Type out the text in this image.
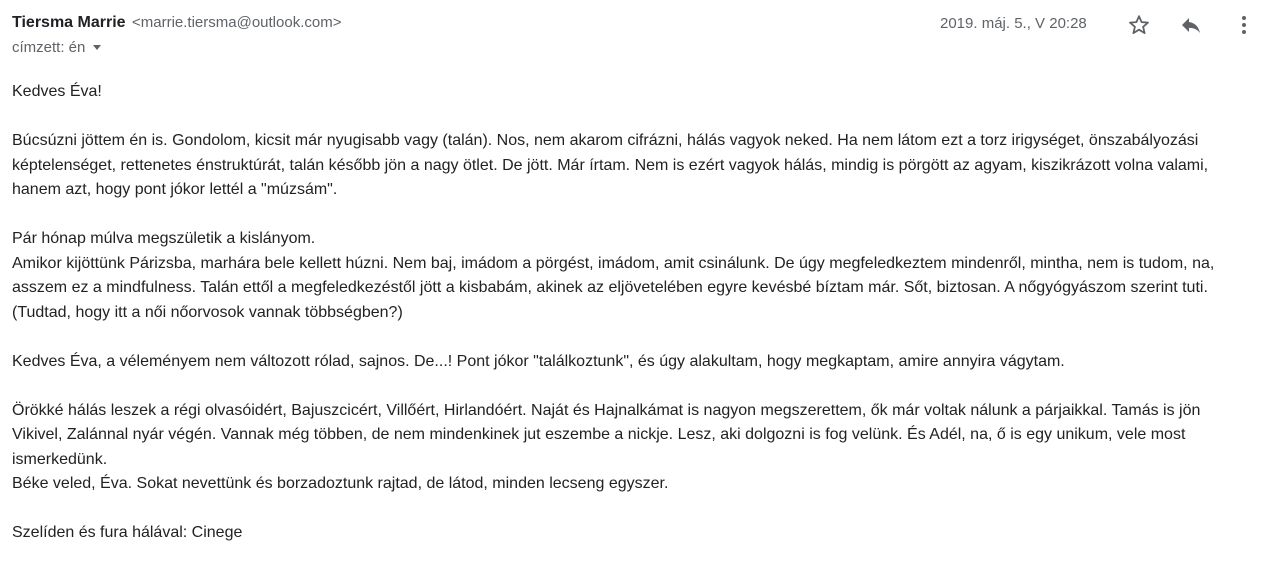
Tiersma Marrie <marrie.tiersma@outlook.com>
címzett: én
2019. máj. 5., V 20:28

Kedves Éva!

Búcsúzni jöttem én is. Gondolom, kicsit már nyugisabb vagy (talán). Nos, nem akarom cifrázni, hálás vagyok neked. Ha nem látom ezt a torz irigységet, önszabályozási képtelenséget, rettenetes énstruktúrát, talán később jön a nagy ötlet. De jött. Már írtam. Nem is ezért vagyok hálás, mindig is pörgött az agyam, kiszikrázott volna valami, hanem azt, hogy pont jókor lettél a "múzsám".

Pár hónap múlva megszületik a kislányom.

Amikor kijöttünk Párizsba, marhára bele kellett húzni. Nem baj, imádom a pörgést, imádom, amit csinálunk. De úgy megfeledkeztem mindenről, mintha, nem is tudom, na, asszem ez a mindfulness. Talán ettől a megfeledkezéstől jött a kisbabám, akinek az eljövetelében egyre kevésbé bíztam már. Sőt, biztosan. A nőgyógyászom szerint tuti. (Tudtad, hogy itt a női nőorvosok vannak többségben?)

Kedves Éva, a véleményem nem változott rólad, sajnos. De...! Pont jókor "találkoztunk", és úgy alakultam, hogy megkaptam, amire annyira vágytam.

Örökké hálás leszek a régi olvasóidért, Bajuszcicért, Villőért, Hirlandóért. Naját és Hajnalkámat is nagyon megszerettem, ők már voltak nálunk a párjaikkal. Tamás is jön Vikivel, Zalánnal nyár végén. Vannak még többen, de nem mindenkinek jut eszembe a nickje. Lesz, aki dolgozni is fog velünk. És Adél, na, ő is egy unikum, vele most ismerkedünk.

Béke veled, Éva. Sokat nevettünk és borzadoztunk rajtad, de látod, minden lecseng egyszer.

Szelíden és fura hálával: Cinege
